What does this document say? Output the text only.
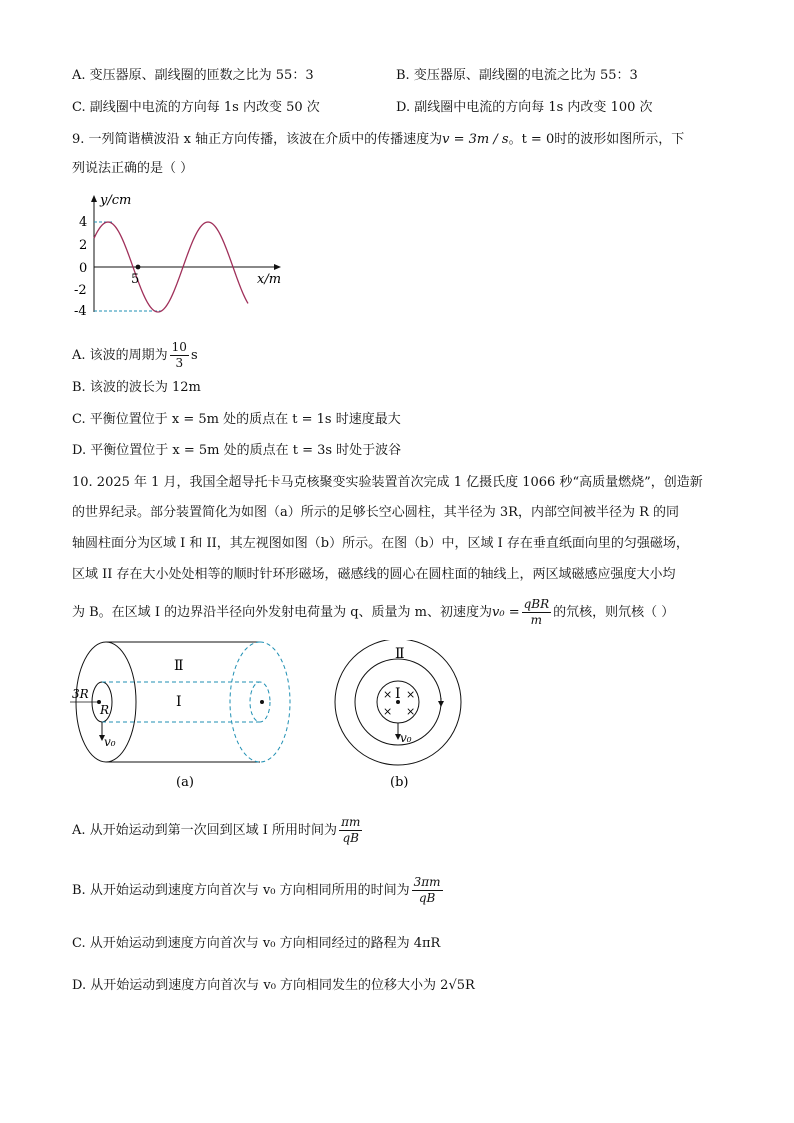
A. 变压器原、副线圈的匝数之比为 55：3	B. 变压器原、副线圈的电流之比为 55：3
C. 副线圈中电流的方向每 1s 内改变 50 次	D. 副线圈中电流的方向每 1s 内改变 100 次
9. 一列简谐横波沿 x 轴正方向传播，该波在介质中的传播速度为v = 3m / s。t = 0时的波形如图所示，下
列说法正确的是（ ）
y/cm
x/m
4
2
0
-2
-4
5
A. 该波的周期为 $\frac{10}{3}$ s
B. 该波的波长为 12m
C. 平衡位置位于 x = 5m 处的质点在 t = 1s 时速度最大
D. 平衡位置位于 x = 5m 处的质点在 t = 3s 时处于波谷
10. 2025 年 1 月，我国全超导托卡马克核聚变实验装置首次完成 1 亿摄氏度 1066 秒“高质量燃烧”，创造新
的世界纪录。部分装置简化为如图（a）所示的足够长空心圆柱，其半径为 3R，内部空间被半径为 R 的同
轴圆柱面分为区域 I 和 II，其左视图如图（b）所示。在图（b）中，区域 I 存在垂直纸面向里的匀强磁场，
区域 II 存在大小处处相等的顺时针环形磁场，磁感线的圆心在圆柱面的轴线上，两区域磁感应强度大小均
为 B。在区域 I 的边界沿半径向外发射电荷量为 q、质量为 m、初速度为$v_0 = \frac{\text{qBR}}{m}$ 的氘核，则氘核（ ）
Ⅱ
I
3R
R
v₀
(a)
× ×
× ×
Ⅱ
I
v₀
(b)
A. 从开始运动到第一次回到区域 I 所用时间为 $\frac{\pi m}{qB}$
B. 从开始运动到速度方向首次与 v₀ 方向相同所用的时间为 $\frac{3\pi m}{qB}$
C. 从开始运动到速度方向首次与 v₀ 方向相同经过的路程为 4πR
D. 从开始运动到速度方向首次与 v₀ 方向相同发生的位移大小为 2√5R
